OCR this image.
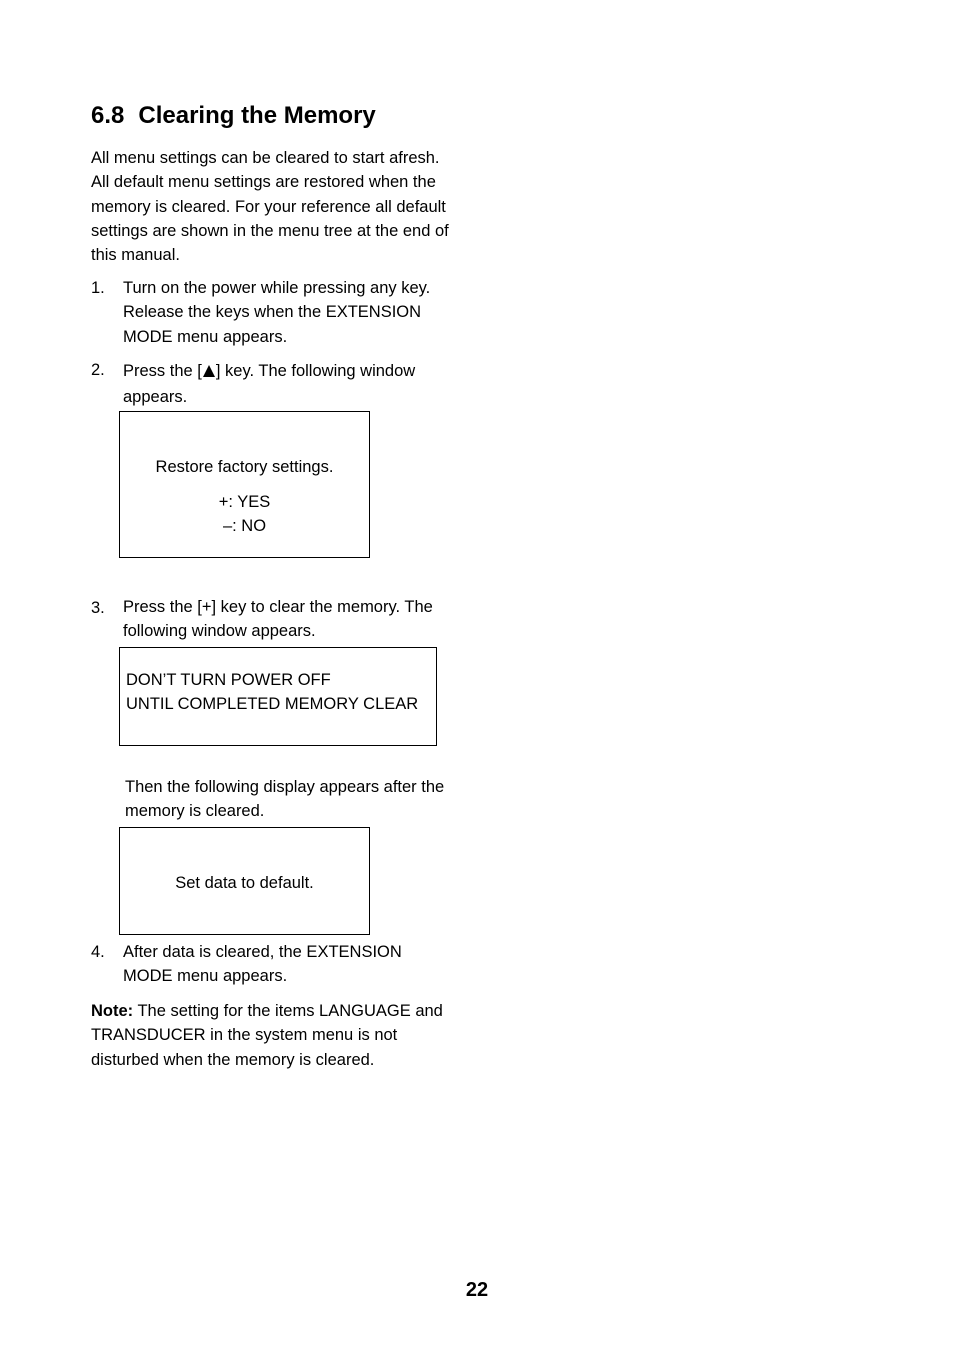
6.8 Clearing the Memory
All menu settings can be cleared to start afresh.
All default menu settings are restored when the
memory is cleared. For your reference all default
settings are shown in the menu tree at the end of
this manual.
1. Turn on the power while pressing any key.
Release the keys when the EXTENSION
MODE menu appears.
2. Press the [ ] key. The following window
appears.
Restore factory settings.
+: YES
–: NO
3. Press the [+] key to clear the memory. The
following window appears.
DON’T TURN POWER OFF
UNTIL COMPLETED MEMORY CLEAR
Then the following display appears after the
memory is cleared.
Set data to default.
4. After data is cleared, the EXTENSION
MODE menu appears.
Note: The setting for the items LANGUAGE and
TRANSDUCER in the system menu is not
disturbed when the memory is cleared.
22
